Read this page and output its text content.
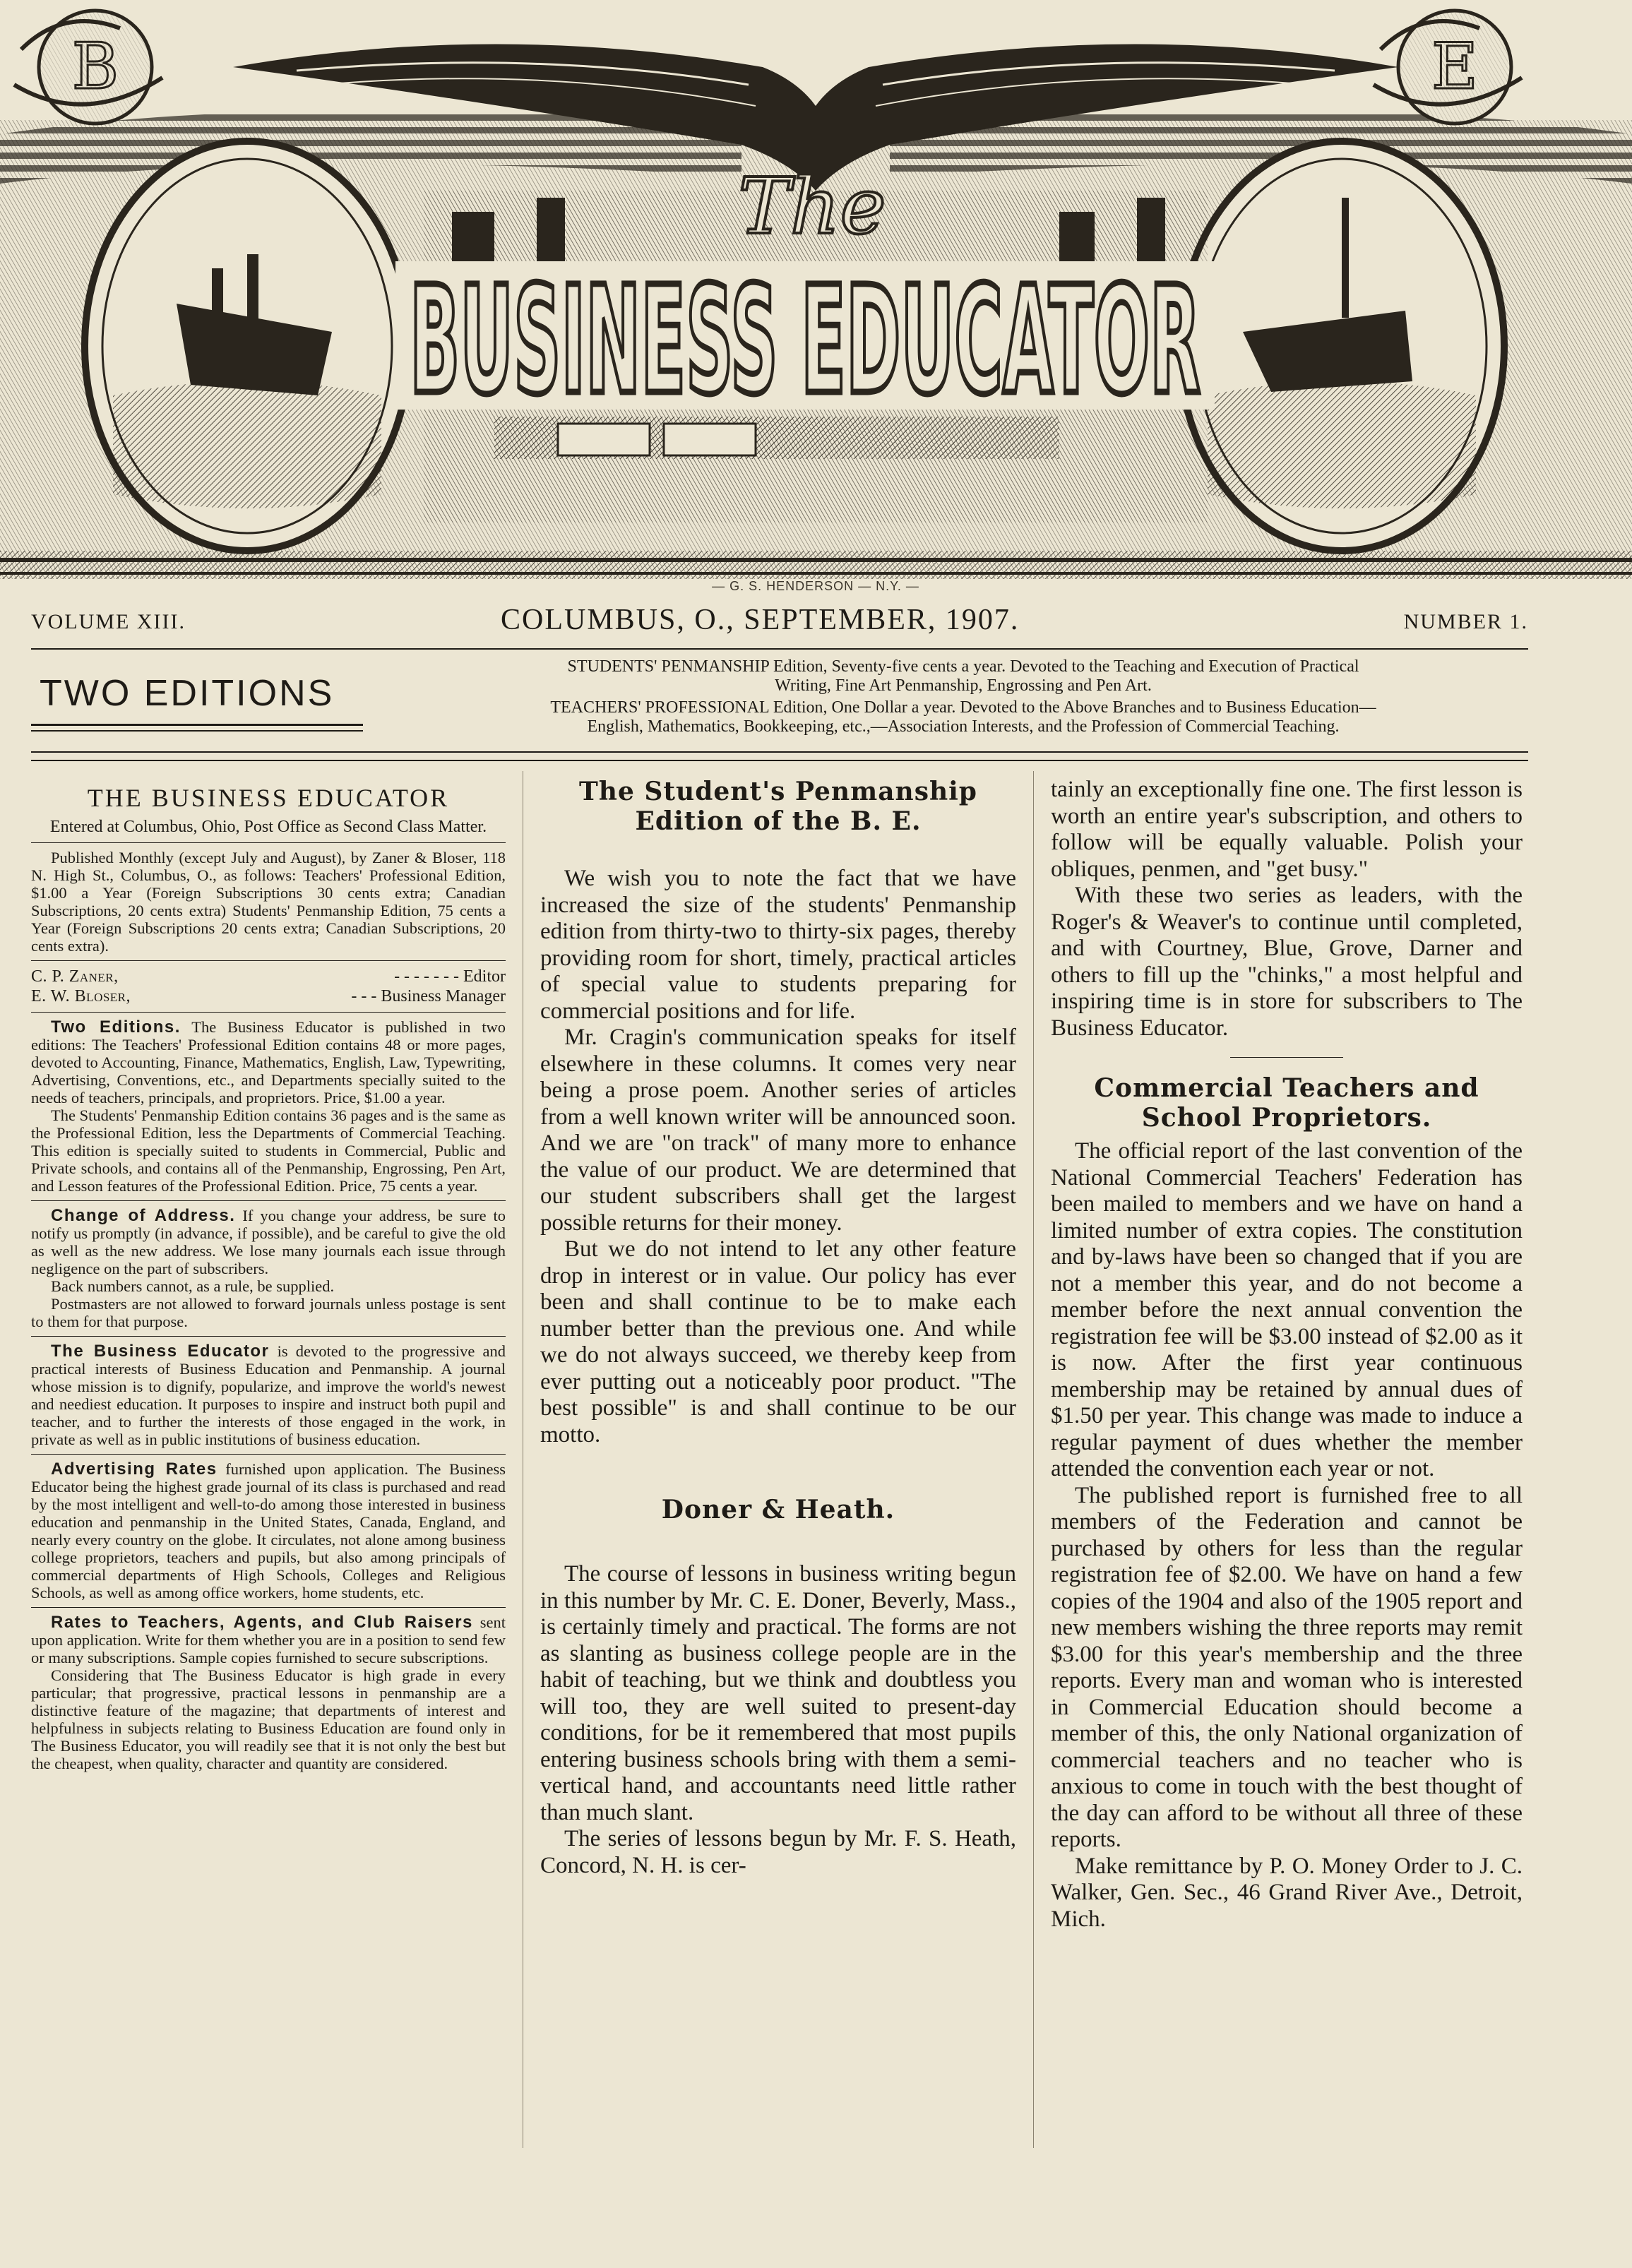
B	E
The
BUSINESS EDUCATOR
— G. S. HENDERSON — N.Y. —
VOLUME XIII.	COLUMBUS, O., SEPTEMBER, 1907.	NUMBER 1.
TWO EDITIONS
STUDENTS' PENMANSHIP Edition, Seventy-five cents a year. Devoted to the Teaching and Execution of Practical
Writing, Fine Art Penmanship, Engrossing and Pen Art.
TEACHERS' PROFESSIONAL Edition, One Dollar a year. Devoted to the Above Branches and to Business Education—
English, Mathematics, Bookkeeping, etc.,—Association Interests, and the Profession of Commercial Teaching.
THE BUSINESS EDUCATOR
Entered at Columbus, Ohio, Post Office as Second Class Matter.

Published Monthly (except July and August), by Zaner & Bloser, 118 N. High St., Columbus, O., as follows: Teachers' Professional Edition, $1.00 a Year (Foreign Subscriptions 30 cents extra; Canadian Subscriptions, 20 cents extra) Students' Penmanship Edition, 75 cents a Year (Foreign Subscriptions 20 cents extra; Canadian Subscriptions, 20 cents extra).

C. P. Zaner,	- - - - - - - Editor
E. W. Bloser,	- - - Business Manager

Two Editions. The Business Educator is published in two editions: The Teachers' Professional Edition contains 48 or more pages, devoted to Accounting, Finance, Mathematics, English, Law, Typewriting, Advertising, Conventions, etc., and Departments specially suited to the needs of teachers, principals, and proprietors. Price, $1.00 a year.

The Students' Penmanship Edition contains 36 pages and is the same as the Professional Edition, less the Departments of Commercial Teaching. This edition is specially suited to students in Commercial, Public and Private schools, and contains all of the Penmanship, Engrossing, Pen Art, and Lesson features of the Professional Edition. Price, 75 cents a year.

Change of Address. If you change your address, be sure to notify us promptly (in advance, if possible), and be careful to give the old as well as the new address. We lose many journals each issue through negligence on the part of subscribers.

Back numbers cannot, as a rule, be supplied.

Postmasters are not allowed to forward journals unless postage is sent to them for that purpose.

The Business Educator is devoted to the progressive and practical interests of Business Education and Penmanship. A journal whose mission is to dignify, popularize, and improve the world's newest and neediest education. It purposes to inspire and instruct both pupil and teacher, and to further the interests of those engaged in the work, in private as well as in public institutions of business education.

Advertising Rates furnished upon application. The Business Educator being the highest grade journal of its class is purchased and read by the most intelligent and well-to-do among those interested in business education and penmanship in the United States, Canada, England, and nearly every country on the globe. It circulates, not alone among business college proprietors, teachers and pupils, but also among principals of commercial departments of High Schools, Colleges and Religious Schools, as well as among office workers, home students, etc.

Rates to Teachers, Agents, and Club Raisers sent upon application. Write for them whether you are in a position to send few or many subscriptions. Sample copies furnished to secure subscriptions.

Considering that The Business Educator is high grade in every particular; that progressive, practical lessons in penmanship are a distinctive feature of the magazine; that departments of interest and helpfulness in subjects relating to Business Education are found only in The Business Educator, you will readily see that it is not only the best but the cheapest, when quality, character and quantity are considered.

The Student's Penmanship Edition of the B. E.

We wish you to note the fact that we have increased the size of the students' Penmanship edition from thirty-two to thirty-six pages, thereby providing room for short, timely, practical articles of special value to students preparing for commercial positions and for life.

Mr. Cragin's communication speaks for itself elsewhere in these columns. It comes very near being a prose poem. Another series of articles from a well known writer will be announced soon. And we are "on track" of many more to enhance the value of our product. We are determined that our student subscribers shall get the largest possible returns for their money.

But we do not intend to let any other feature drop in interest or in value. Our policy has ever been and shall continue to be to make each number better than the previous one. And while we do not always succeed, we thereby keep from ever putting out a noticeably poor product. "The best possible" is and shall continue to be our motto.

Doner & Heath.

The course of lessons in business writing begun in this number by Mr. C. E. Doner, Beverly, Mass., is certainly timely and practical. The forms are not as slanting as business college people are in the habit of teaching, but we think and doubtless you will too, they are well suited to present-day conditions, for be it remembered that most pupils entering business schools bring with them a semi-vertical hand, and accountants need little rather than much slant.

The series of lessons begun by Mr. F. S. Heath, Concord, N. H. is cer-

tainly an exceptionally fine one. The first lesson is worth an entire year's subscription, and others to follow will be equally valuable. Polish your obliques, penmen, and "get busy."

With these two series as leaders, with the Roger's & Weaver's to continue until completed, and with Courtney, Blue, Grove, Darner and others to fill up the "chinks," a most helpful and inspiring time is in store for subscribers to The Business Educator.

Commercial Teachers and School Proprietors.

The official report of the last convention of the National Commercial Teachers' Federation has been mailed to members and we have on hand a limited number of extra copies. The constitution and by-laws have been so changed that if you are not a member this year, and do not become a member before the next annual convention the registration fee will be $3.00 instead of $2.00 as it is now. After the first year continuous membership may be retained by annual dues of $1.50 per year. This change was made to induce a regular payment of dues whether the member attended the convention each year or not.

The published report is furnished free to all members of the Federation and cannot be purchased by others for less than the regular registration fee of $2.00. We have on hand a few copies of the 1904 and also of the 1905 report and new members wishing the three reports may remit $3.00 for this year's membership and the three reports. Every man and woman who is interested in Commercial Education should become a member of this, the only National organization of commercial teachers and no teacher who is anxious to come in touch with the best thought of the day can afford to be without all three of these reports.

Make remittance by P. O. Money Order to J. C. Walker, Gen. Sec., 46 Grand River Ave., Detroit, Mich.
